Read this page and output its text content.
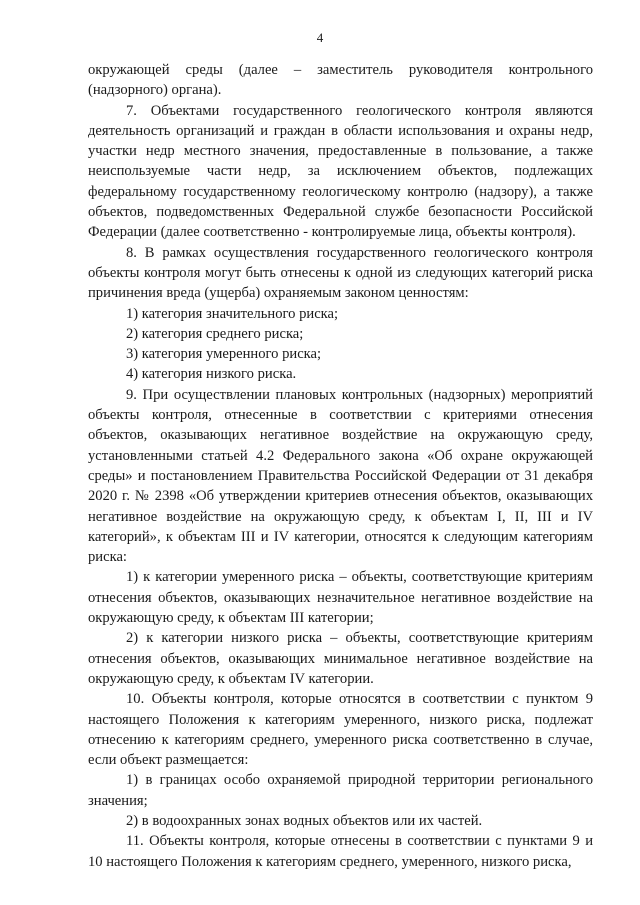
4

окружающей среды (далее – заместитель руководителя контрольного (надзорного) органа).

7. Объектами государственного геологического контроля являются деятельность организаций и граждан в области использования и охраны недр, участки недр местного значения, предоставленные в пользование, а также неиспользуемые части недр, за исключением объектов, подлежащих федеральному государственному геологическому контролю (надзору), а также объектов, подведомственных Федеральной службе безопасности Российской Федерации (далее соответственно - контролируемые лица, объекты контроля).

8. В рамках осуществления государственного геологического контроля объекты контроля могут быть отнесены к одной из следующих категорий риска причинения вреда (ущерба) охраняемым законом ценностям:

1) категория значительного риска;

2) категория среднего риска;

3) категория умеренного риска;

4) категория низкого риска.

9. При осуществлении плановых контрольных (надзорных) мероприятий объекты контроля, отнесенные в соответствии с критериями отнесения объектов, оказывающих негативное воздействие на окружающую среду, установленными статьей 4.2 Федерального закона «Об охране окружающей среды» и постановлением Правительства Российской Федерации от 31 декабря 2020 г. № 2398 «Об утверждении критериев отнесения объектов, оказывающих негативное воздействие на окружающую среду, к объектам I, II, III и IV категорий», к объектам III и IV категории, относятся к следующим категориям риска:

1) к категории умеренного риска – объекты, соответствующие критериям отнесения объектов, оказывающих незначительное негативное воздействие на окружающую среду, к объектам III категории;

2) к категории низкого риска – объекты, соответствующие критериям отнесения объектов, оказывающих минимальное негативное воздействие на окружающую среду, к объектам IV категории.

10. Объекты контроля, которые относятся в соответствии с пунктом 9 настоящего Положения к категориям умеренного, низкого риска, подлежат отнесению к категориям среднего, умеренного риска соответственно в случае, если объект размещается:

1) в границах особо охраняемой природной территории регионального значения;

2) в водоохранных зонах водных объектов или их частей.

11. Объекты контроля, которые отнесены в соответствии с пунктами 9 и 10 настоящего Положения к категориям среднего, умеренного, низкого риска,
